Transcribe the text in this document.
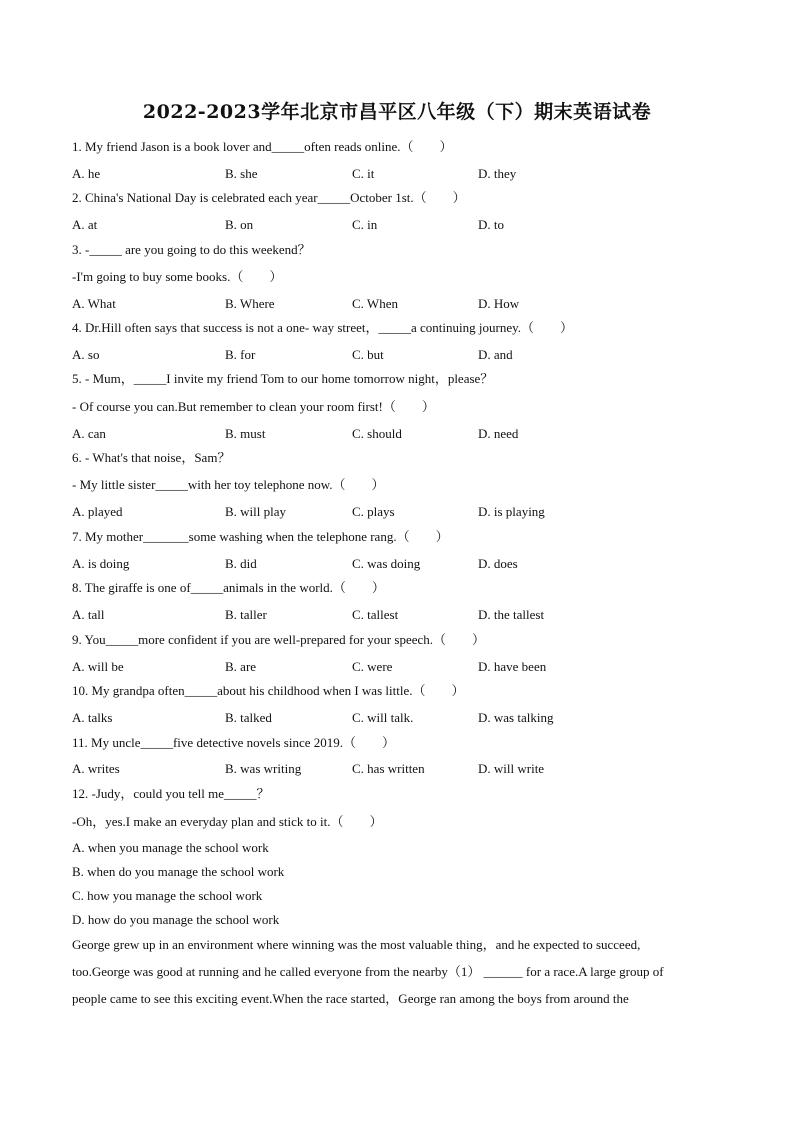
2022-2023学年北京市昌平区八年级（下）期末英语试卷
1. My friend Jason is a book lover and_____often reads online.（　　）
A. he	B. she	C. it	D. they
2. China's National Day is celebrated each year_____October 1st.（　　）
A. at	B. on	C. in	D. to
3. -_____ are you going to do this weekend？
-I'm going to buy some books.（　　）
A. What	B. Where	C. When	D. How
4. Dr.Hill often says that success is not a one- way street，_____a continuing journey.（　　）
A. so	B. for	C. but	D. and
5. - Mum，_____I invite my friend Tom to our home tomorrow night，please？
- Of course you can.But remember to clean your room first!（　　）
A. can	B. must	C. should	D. need
6. - What's that noise，Sam？
- My little sister_____with her toy telephone now.（　　）
A. played	B. will play	C. plays	D. is playing
7. My mother_______some washing when the telephone rang.（　　）
A. is doing	B. did	C. was doing	D. does
8. The giraffe is one of_____animals in the world.（　　）
A. tall	B. taller	C. tallest	D. the tallest
9. You_____more confident if you are well-prepared for your speech.（　　）
A. will be	B. are	C. were	D. have been
10. My grandpa often_____about his childhood when I was little.（　　）
A. talks	B. talked	C. will talk.	D. was talking
11. My uncle_____five detective novels since 2019.（　　）
A. writes	B. was writing	C. has written	D. will write
12. -Judy，could you tell me_____？
-Oh，yes.I make an everyday plan and stick to it.（　　）
A. when you manage the school work
B. when do you manage the school work
C. how you manage the school work
D. how do you manage the school work
George grew up in an environment where winning was the most valuable thing，and he expected to succeed,
too.George was good at running and he called everyone from the nearby（1） ______ for a race.A large group of
people came to see this exciting event.When the race started，George ran among the boys from around the
